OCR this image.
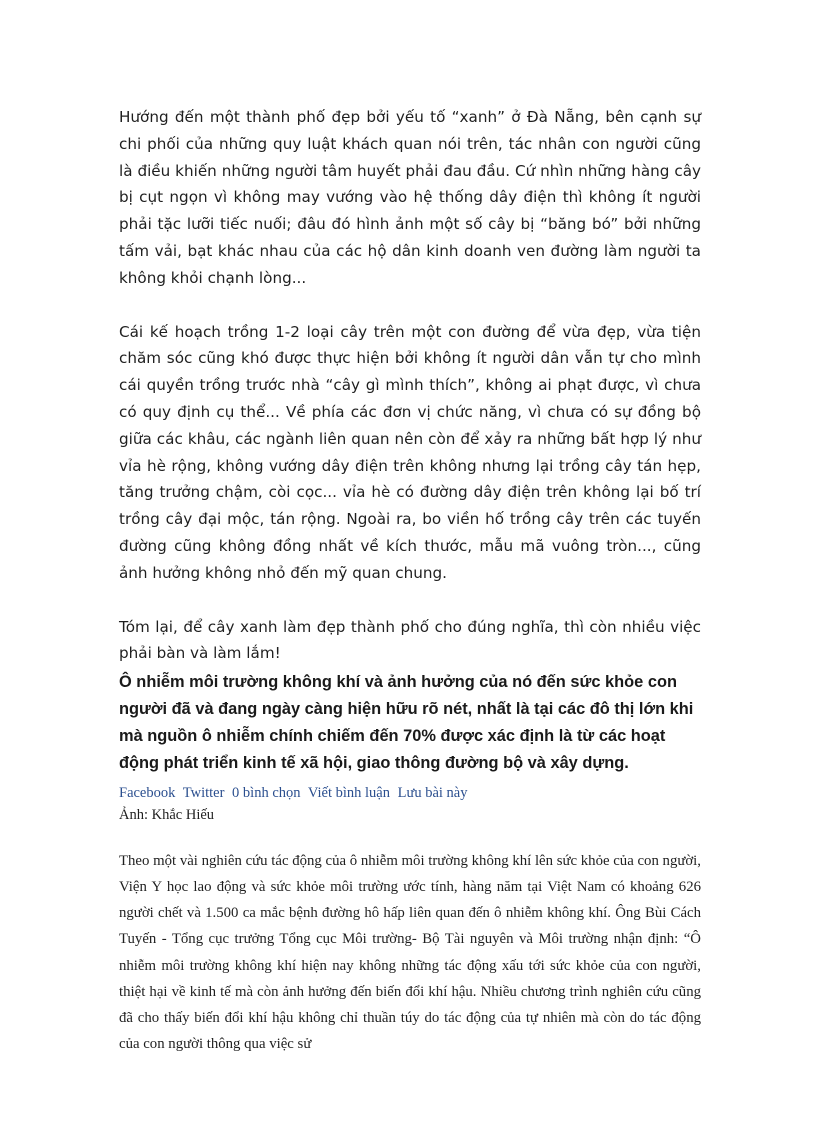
Hướng đến một thành phố đẹp bởi yếu tố “xanh” ở Đà Nẵng, bên cạnh sự chi phối của những quy luật khách quan nói trên, tác nhân con người cũng là điều khiến những người tâm huyết phải đau đầu. Cứ nhìn những hàng cây bị cụt ngọn vì không may vướng vào hệ thống dây điện thì không ít người phải tặc lưỡi tiếc nuối; đâu đó hình ảnh một số cây bị “băng bó” bởi những tấm vải, bạt khác nhau của các hộ dân kinh doanh ven đường làm người ta không khỏi chạnh lòng...

Cái kế hoạch trồng 1-2 loại cây trên một con đường để vừa đẹp, vừa tiện chăm sóc cũng khó được thực hiện bởi không ít người dân vẫn tự cho mình cái quyền trồng trước nhà “cây gì mình thích”, không ai phạt được, vì chưa có quy định cụ thể... Về phía các đơn vị chức năng, vì chưa có sự đồng bộ giữa các khâu, các ngành liên quan nên còn để xảy ra những bất hợp lý như vỉa hè rộng, không vướng dây điện trên không nhưng lại trồng cây tán hẹp, tăng trưởng chậm, còi cọc... vỉa hè có đường dây điện trên không lại bố trí trồng cây đại mộc, tán rộng. Ngoài ra, bo viền hố trồng cây trên các tuyến đường cũng không đồng nhất về kích thước, mẫu mã vuông tròn..., cũng ảnh hưởng không nhỏ đến mỹ quan chung.

Tóm lại, để cây xanh làm đẹp thành phố cho đúng nghĩa, thì còn nhiều việc phải bàn và làm lắm!

Ô nhiễm môi trường không khí và ảnh hưởng của nó đến sức khỏe con người đã và đang ngày càng hiện hữu rõ nét, nhất là tại các đô thị lớn khi mà nguồn ô nhiễm chính chiếm đến 70% được xác định là từ các hoạt động phát triển kinh tế xã hội, giao thông đường bộ và xây dựng.

Facebook Twitter 0 bình chọn Viết bình luận Lưu bài này

Ảnh: Khắc Hiếu

Theo một vài nghiên cứu tác động của ô nhiễm môi trường không khí lên sức khỏe của con người, Viện Y học lao động và sức khỏe môi trường ước tính, hàng năm tại Việt Nam có khoảng 626 người chết và 1.500 ca mắc bệnh đường hô hấp liên quan đến ô nhiễm không khí. Ông Bùi Cách Tuyến - Tổng cục trưởng Tổng cục Môi trường- Bộ Tài nguyên và Môi trường nhận định: “Ô nhiễm môi trường không khí hiện nay không những tác động xấu tới sức khỏe của con người, thiệt hại về kinh tế mà còn ảnh hưởng đến biến đổi khí hậu. Nhiều chương trình nghiên cứu cũng đã cho thấy biến đổi khí hậu không chỉ thuần túy do tác động của tự nhiên mà còn do tác động của con người thông qua việc sử
